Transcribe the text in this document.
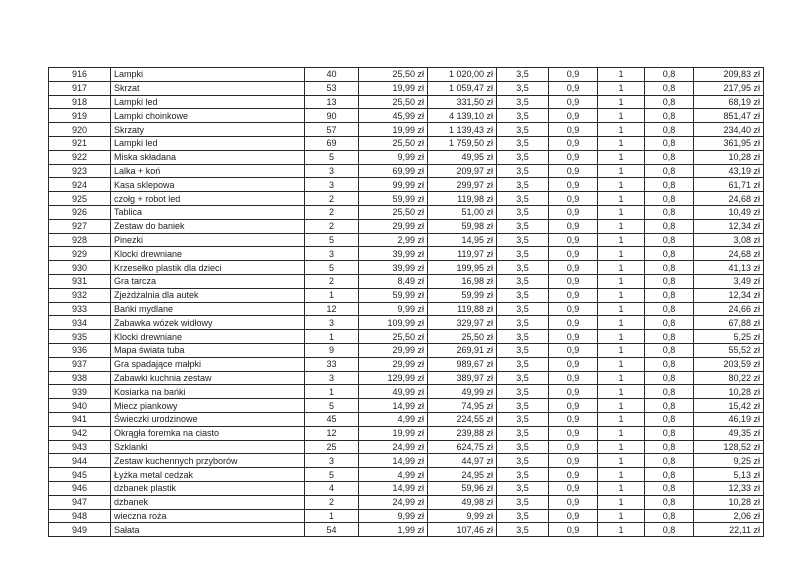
916	Lampki	40	25,50 zł	1 020,00 zł	3,5	0,9	1	0,8	209,83 zł
917	Skrzat	53	19,99 zł	1 059,47 zł	3,5	0,9	1	0,8	217,95 zł
918	Lampki led	13	25,50 zł	331,50 zł	3,5	0,9	1	0,8	68,19 zł
919	Lampki choinkowe	90	45,99 zł	4 139,10 zł	3,5	0,9	1	0,8	851,47 zł
920	Skrzaty	57	19,99 zł	1 139,43 zł	3,5	0,9	1	0,8	234,40 zł
921	Lampki led	69	25,50 zł	1 759,50 zł	3,5	0,9	1	0,8	361,95 zł
922	Miska składana	5	9,99 zł	49,95 zł	3,5	0,9	1	0,8	10,28 zł
923	Lalka + koń	3	69,99 zł	209,97 zł	3,5	0,9	1	0,8	43,19 zł
924	Kasa sklepowa	3	99,99 zł	299,97 zł	3,5	0,9	1	0,8	61,71 zł
925	czołg + robot led	2	59,99 zł	119,98 zł	3,5	0,9	1	0,8	24,68 zł
926	Tablica	2	25,50 zł	51,00 zł	3,5	0,9	1	0,8	10,49 zł
927	Zestaw do baniek	2	29,99 zł	59,98 zł	3,5	0,9	1	0,8	12,34 zł
928	Pinezki	5	2,99 zł	14,95 zł	3,5	0,9	1	0,8	3,08 zł
929	Klocki drewniane	3	39,99 zł	119,97 zł	3,5	0,9	1	0,8	24,68 zł
930	Krzesełko plastik dla dzieci	5	39,99 zł	199,95 zł	3,5	0,9	1	0,8	41,13 zł
931	Gra tarcza	2	8,49 zł	16,98 zł	3,5	0,9	1	0,8	3,49 zł
932	Zjeżdżalnia dla autek	1	59,99 zł	59,99 zł	3,5	0,9	1	0,8	12,34 zł
933	Bańki mydlane	12	9,99 zł	119,88 zł	3,5	0,9	1	0,8	24,66 zł
934	Zabawka wózek widłowy	3	109,99 zł	329,97 zł	3,5	0,9	1	0,8	67,88 zł
935	Klocki drewniane	1	25,50 zł	25,50 zł	3,5	0,9	1	0,8	5,25 zł
936	Mapa świata tuba	9	29,99 zł	269,91 zł	3,5	0,9	1	0,8	55,52 zł
937	Gra spadające małpki	33	29,99 zł	989,67 zł	3,5	0,9	1	0,8	203,59 zł
938	Zabawki kuchnia zestaw	3	129,99 zł	389,97 zł	3,5	0,9	1	0,8	80,22 zł
939	Kosiarka na bańki	1	49,99 zł	49,99 zł	3,5	0,9	1	0,8	10,28 zł
940	Miecz piankowy	5	14,99 zł	74,95 zł	3,5	0,9	1	0,8	15,42 zł
941	Świeczki urodzinowe	45	4,99 zł	224,55 zł	3,5	0,9	1	0,8	46,19 zł
942	Okrągła foremka na ciasto	12	19,99 zł	239,88 zł	3,5	0,9	1	0,8	49,35 zł
943	Szklanki	25	24,99 zł	624,75 zł	3,5	0,9	1	0,8	128,52 zł
944	Zestaw kuchennych przyborów	3	14,99 zł	44,97 zł	3,5	0,9	1	0,8	9,25 zł
945	Łyżka metal cedzak	5	4,99 zł	24,95 zł	3,5	0,9	1	0,8	5,13 zł
946	dzbanek plastik	4	14,99 zł	59,96 zł	3,5	0,9	1	0,8	12,33 zł
947	dzbanek	2	24,99 zł	49,98 zł	3,5	0,9	1	0,8	10,28 zł
948	wieczna roża	1	9,99 zł	9,99 zł	3,5	0,9	1	0,8	2,06 zł
949	Sałata	54	1,99 zł	107,46 zł	3,5	0,9	1	0,8	22,11 zł
